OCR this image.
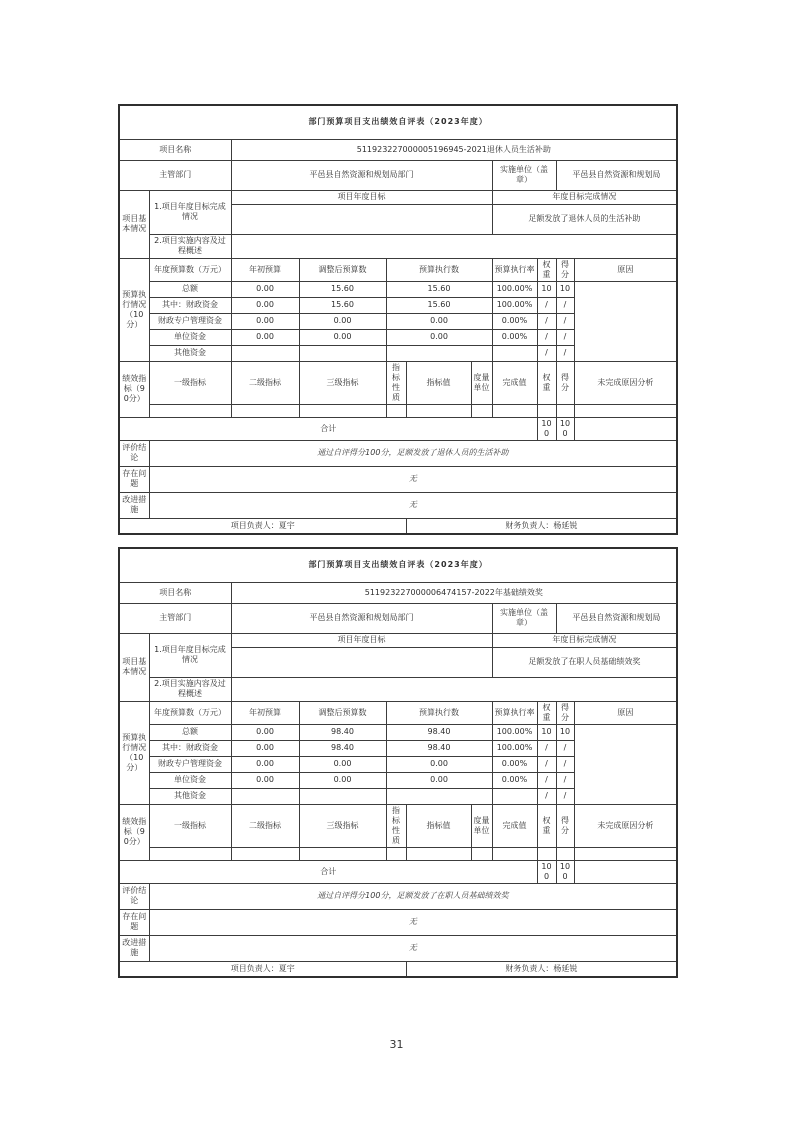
部门预算项目支出绩效自评表（2023年度）										
项目名称		511923227000005196945-2021退休人员生活补助								
主管部门		平邑县自然资源和规划局部门					实施单位（盖章）		平邑县自然资源和规划局	
项目基本情况	1.项目年度目标完成情况	项目年度目标					年度目标完成情况			
							足额发放了退休人员的生活补助			
	2.项目实施内容及过程概述									
预算执行情况（10分）	年度预算数（万元）	年初预算	调整后预算数	预算执行数			预算执行率	权重	得分	原因
	总额	0.00	15.60	15.60			100.00%	10	10	
	其中：财政资金	0.00	15.60	15.60			100.00%	/	/	
	财政专户管理资金	0.00	0.00	0.00			0.00%	/	/	
	单位资金	0.00	0.00	0.00			0.00%	/	/	
	其他资金							/	/	
绩效指标（90分）	一级指标	二级指标	三级指标	指标性质	指标值	度量单位	完成值	权重	得分	未完成原因分析

合计								100	100	
评价结论	通过自评得分100分，足额发放了退休人员的生活补助									
存在问题	无									
改进措施	无									
项目负责人：夏宇					财务负责人：杨延锐					
部门预算项目支出绩效自评表（2023年度）										
项目名称		511923227000006474157-2022年基础绩效奖								
主管部门		平邑县自然资源和规划局部门					实施单位（盖章）		平邑县自然资源和规划局	
项目基本情况	1.项目年度目标完成情况	项目年度目标					年度目标完成情况			
							足额发放了在职人员基础绩效奖			
	2.项目实施内容及过程概述									
预算执行情况（10分）	年度预算数（万元）	年初预算	调整后预算数	预算执行数			预算执行率	权重	得分	原因
	总额	0.00	98.40	98.40			100.00%	10	10	
	其中：财政资金	0.00	98.40	98.40			100.00%	/	/	
	财政专户管理资金	0.00	0.00	0.00			0.00%	/	/	
	单位资金	0.00	0.00	0.00			0.00%	/	/	
	其他资金							/	/	
绩效指标（90分）	一级指标	二级指标	三级指标	指标性质	指标值	度量单位	完成值	权重	得分	未完成原因分析

合计								100	100	
评价结论	通过自评得分100分，足额发放了在职人员基础绩效奖									
存在问题	无									
改进措施	无									
项目负责人：夏宇					财务负责人：杨延锐					
31
